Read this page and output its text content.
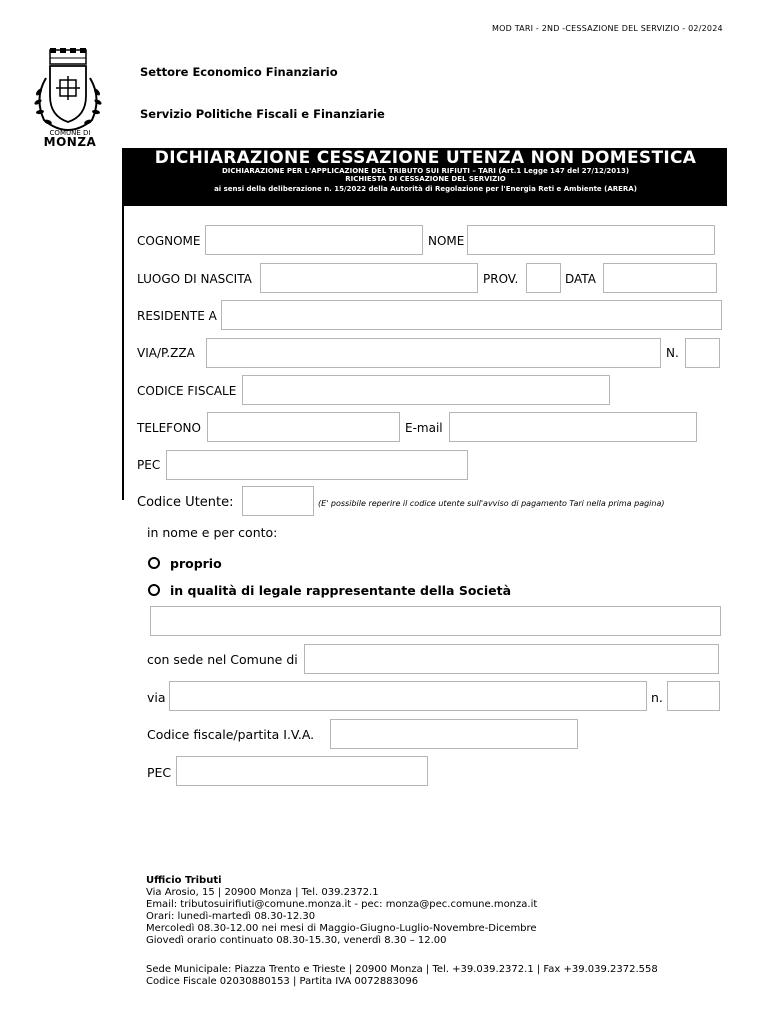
MOD TARI - 2ND -CESSAZIONE DEL SERVIZIO - 02/2024
COMUNE DI
MONZA
Settore Economico Finanziario
Servizio Politiche Fiscali e Finanziarie
DICHIARAZIONE CESSAZIONE UTENZA NON DOMESTICA
DICHIARAZIONE PER L'APPLICAZIONE DEL TRIBUTO SUI RIFIUTI – TARI (Art.1 Legge 147 del 27/12/2013)
RICHIESTA DI CESSAZIONE DEL SERVIZIO
ai sensi della deliberazione n. 15/2022 della Autorità di Regolazione per l'Energia Reti e Ambiente (ARERA)
COGNOME	NOME
LUOGO DI NASCITA	PROV.	DATA
RESIDENTE A
VIA/P.ZZA	N.
CODICE FISCALE
TELEFONO	E-mail
PEC
Codice Utente:	(E' possibile reperire il codice utente sull'avviso di pagamento Tari nella prima pagina)
in nome e per conto:
proprio
in qualità di legale rappresentante della Società
con sede nel Comune di
via	n.
Codice fiscale/partita I.V.A.
PEC
Ufficio Tributi
Via Arosio, 15 | 20900 Monza | Tel. 039.2372.1
Email: tributosuirifiuti@comune.monza.it - pec: monza@pec.comune.monza.it
Orari: lunedì-martedì 08.30-12.30
Mercoledì 08.30-12.00 nei mesi di Maggio-Giugno-Luglio-Novembre-Dicembre
Giovedì orario continuato 08.30-15.30, venerdì 8.30 – 12.00
Sede Municipale: Piazza Trento e Trieste | 20900 Monza | Tel. +39.039.2372.1 | Fax +39.039.2372.558
Codice Fiscale 02030880153 | Partita IVA 0072883096
